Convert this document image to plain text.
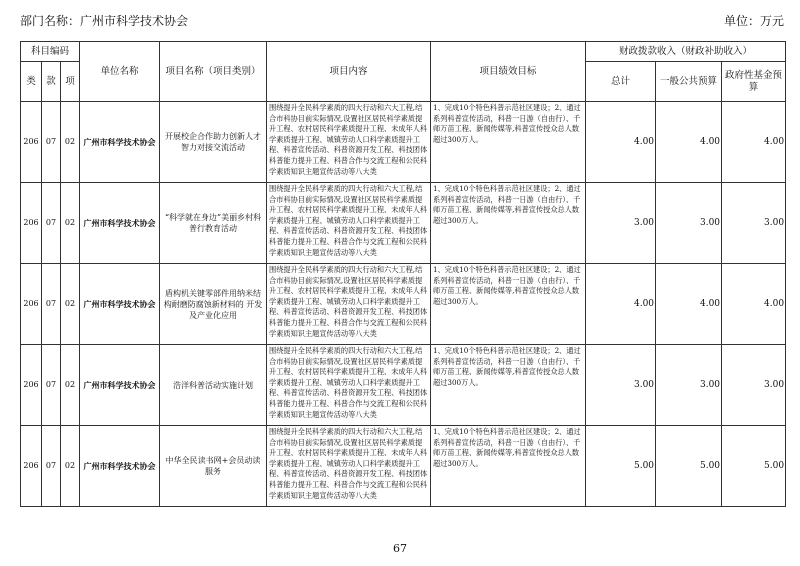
部门名称：广州市科学技术协会	单位：万元
科目编码			单位名称	项目名称（项目类别）	项目内容	项目绩效目标	财政拨款收入（财政补助收入）		
类	款	项					总计	一般公共预算	政府性基金预算
206	07	02	广州市科学技术协会	开展校企合作助力创新人才智力对接交流活动	围绕提升全民科学素质的四大行动和六大工程,结合市科协目前实际情况,设置社区居民科学素质提升工程、农村居民科学素质提升工程、未成年人科学素质提升工程、城镇劳动人口科学素质提升工程、科普宣传活动、科普资源开发工程、科技团体科普能力提升工程、科普合作与交流工程和公民科学素质知识主题宣传活动等八大类	1、完成10个特色科普示范社区建设；2、通过系列科普宣传活动，科普一日游（自由行）、千师万苗工程、新闻传媒等,科普宣传授众总人数超过300万人。	4.00	4.00	4.00
206	07	02	广州市科学技术协会	“科学就在身边”美丽乡村科普行教育活动	围绕提升全民科学素质的四大行动和六大工程,结合市科协目前实际情况,设置社区居民科学素质提升工程、农村居民科学素质提升工程、未成年人科学素质提升工程、城镇劳动人口科学素质提升工程、科普宣传活动、科普资源开发工程、科技团体科普能力提升工程、科普合作与交流工程和公民科学素质知识主题宣传活动等八大类	1、完成10个特色科普示范社区建设；2、通过系列科普宣传活动，科普一日游（自由行）、千师万苗工程、新闻传媒等,科普宣传授众总人数超过300万人。	3.00	3.00	3.00
206	07	02	广州市科学技术协会	盾构机关键零部件用纳米结构耐磨防腐蚀新材料的 开发及产业化应用	围绕提升全民科学素质的四大行动和六大工程,结合市科协目前实际情况,设置社区居民科学素质提升工程、农村居民科学素质提升工程、未成年人科学素质提升工程、城镇劳动人口科学素质提升工程、科普宣传活动、科普资源开发工程、科技团体科普能力提升工程、科普合作与交流工程和公民科学素质知识主题宣传活动等八大类	1、完成10个特色科普示范社区建设；2、通过系列科普宣传活动，科普一日游（自由行）、千师万苗工程、新闻传媒等,科普宣传授众总人数超过300万人。	4.00	4.00	4.00
206	07	02	广州市科学技术协会	浩洋科普活动实施计划	围绕提升全民科学素质的四大行动和六大工程,结合市科协目前实际情况,设置社区居民科学素质提升工程、农村居民科学素质提升工程、未成年人科学素质提升工程、城镇劳动人口科学素质提升工程、科普宣传活动、科普资源开发工程、科技团体科普能力提升工程、科普合作与交流工程和公民科学素质知识主题宣传活动等八大类	1、完成10个特色科普示范社区建设；2、通过系列科普宣传活动，科普一日游（自由行）、千师万苗工程、新闻传媒等,科普宣传授众总人数超过300万人。	3.00	3.00	3.00
206	07	02	广州市科学技术协会	中华全民读书网+会员动读服务	围绕提升全民科学素质的四大行动和六大工程,结合市科协目前实际情况,设置社区居民科学素质提升工程、农村居民科学素质提升工程、未成年人科学素质提升工程、城镇劳动人口科学素质提升工程、科普宣传活动、科普资源开发工程、科技团体科普能力提升工程、科普合作与交流工程和公民科学素质知识主题宣传活动等八大类	1、完成10个特色科普示范社区建设；2、通过系列科普宣传活动，科普一日游（自由行）、千师万苗工程、新闻传媒等,科普宣传授众总人数超过300万人。	5.00	5.00	5.00
67
